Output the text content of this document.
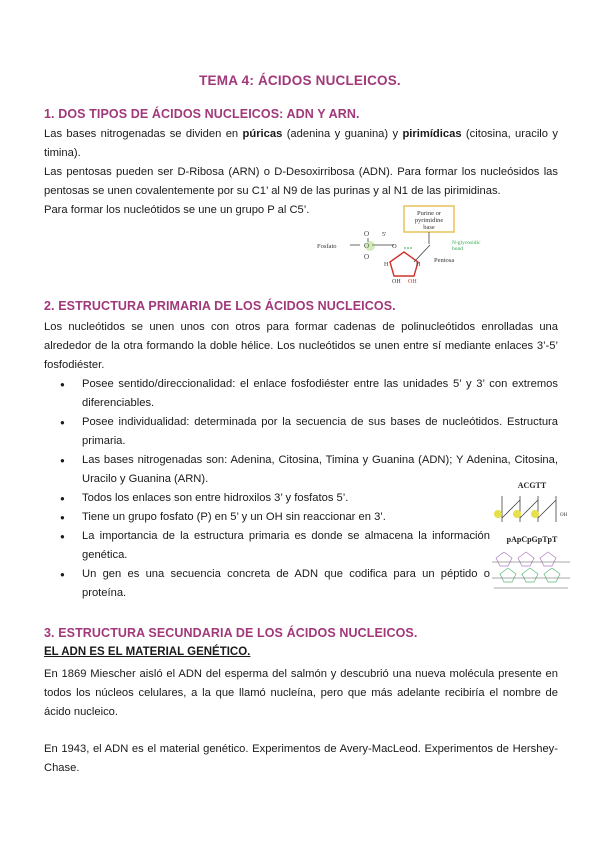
TEMA 4: ÁCIDOS NUCLEICOS.
1. DOS TIPOS DE ÁCIDOS NUCLEICOS: ADN Y ARN.
Las bases nitrogenadas se dividen en púricas (adenina y guanina) y pirimídicas (citosina, uracilo y timina).
Las pentosas pueden ser D-Ribosa (ARN) o D-Desoxirribosa (ADN). Para formar los nucleósidos las pentosas se unen covalentemente por su C1’ al N9 de las purinas y al N1 de las pirimidinas.
Para formar los nucleótidos se une un grupo P al C5’.	Purine or pyrimidine base
Fosfato	O
O
O
5'
O
H	H
OH OH
Pentosa
N-glycosidic bond
2. ESTRUCTURA PRIMARIA DE LOS ÁCIDOS NUCLEICOS.
Los nucleótidos se unen unos con otros para formar cadenas de polinucleótidos enrolladas una alrededor de la otra formando la doble hélice. Los nucleótidos se unen entre sí mediante enlaces 3’-5’ fosfodiéster.
● Posee sentido/direccionalidad: el enlace fosfodiéster entre las unidades 5’ y 3’ con extremos diferenciables.
● Posee individualidad: determinada por la secuencia de sus bases de nucleótidos. Estructura primaria.
● Las bases nitrogenadas son: Adenina, Citosina, Timina y Guanina (ADN); Y Adenina, Citosina, Uracilo y Guanina (ARN).
● Todos los enlaces son entre hidroxilos 3’ y fosfatos 5’.
● Tiene un grupo fosfato (P) en 5’ y un OH sin reaccionar en 3’.
● La importancia de la estructura primaria es donde se almacena la información genética.
● Un gen es una secuencia concreta de ADN que codifica para un péptido o proteína.
ACGTT
OH
pApCpGpTpT
3. ESTRUCTURA SECUNDARIA DE LOS ÁCIDOS NUCLEICOS.
EL ADN ES EL MATERIAL GENÉTICO.
En 1869 Miescher aisló el ADN del esperma del salmón y descubrió una nueva molécula presente en todos los núcleos celulares, a la que llamó nucleína, pero que más adelante recibiría el nombre de ácido nucleico.
En 1943, el ADN es el material genético. Experimentos de Avery-MacLeod. Experimentos de Hershey-Chase.
